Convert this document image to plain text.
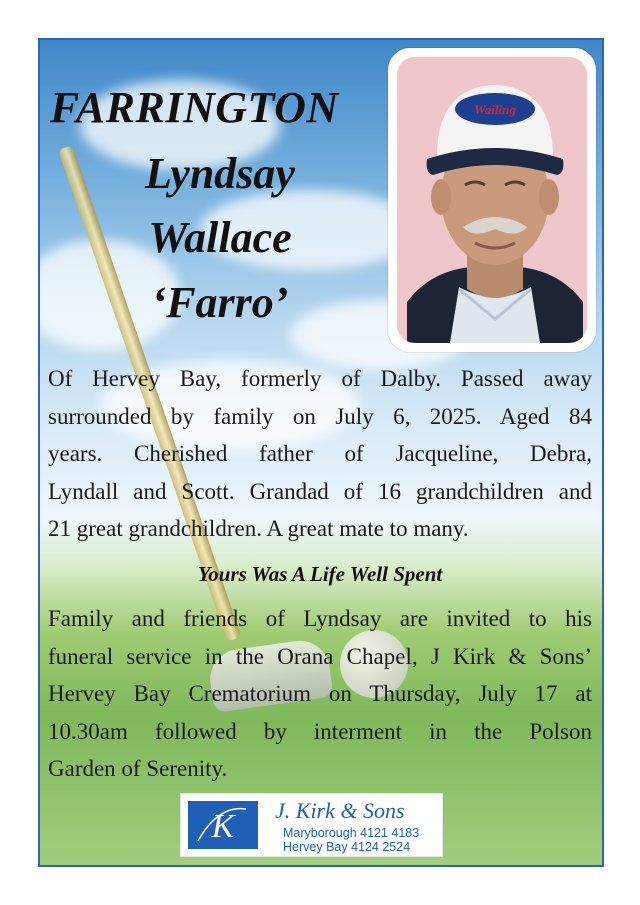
FARRINGTON
Lyndsay
Wallace
‘Farro’
Wailing
Of Hervey Bay, formerly of Dalby. Passed away
surrounded by family on July 6, 2025. Aged 84
years. Cherished father of Jacqueline, Debra,
Lyndall and Scott. Grandad of 16 grandchildren and
21 great grandchildren. A great mate to many.
Yours Was A Life Well Spent
Family and friends of Lyndsay are invited to his
funeral service in the Orana Chapel, J Kirk & Sons’
Hervey Bay Crematorium on Thursday, July 17 at
10.30am followed by interment in the Polson
Garden of Serenity.
K J. Kirk & Sons
Maryborough 4121 4183
Hervey Bay 4124 2524
